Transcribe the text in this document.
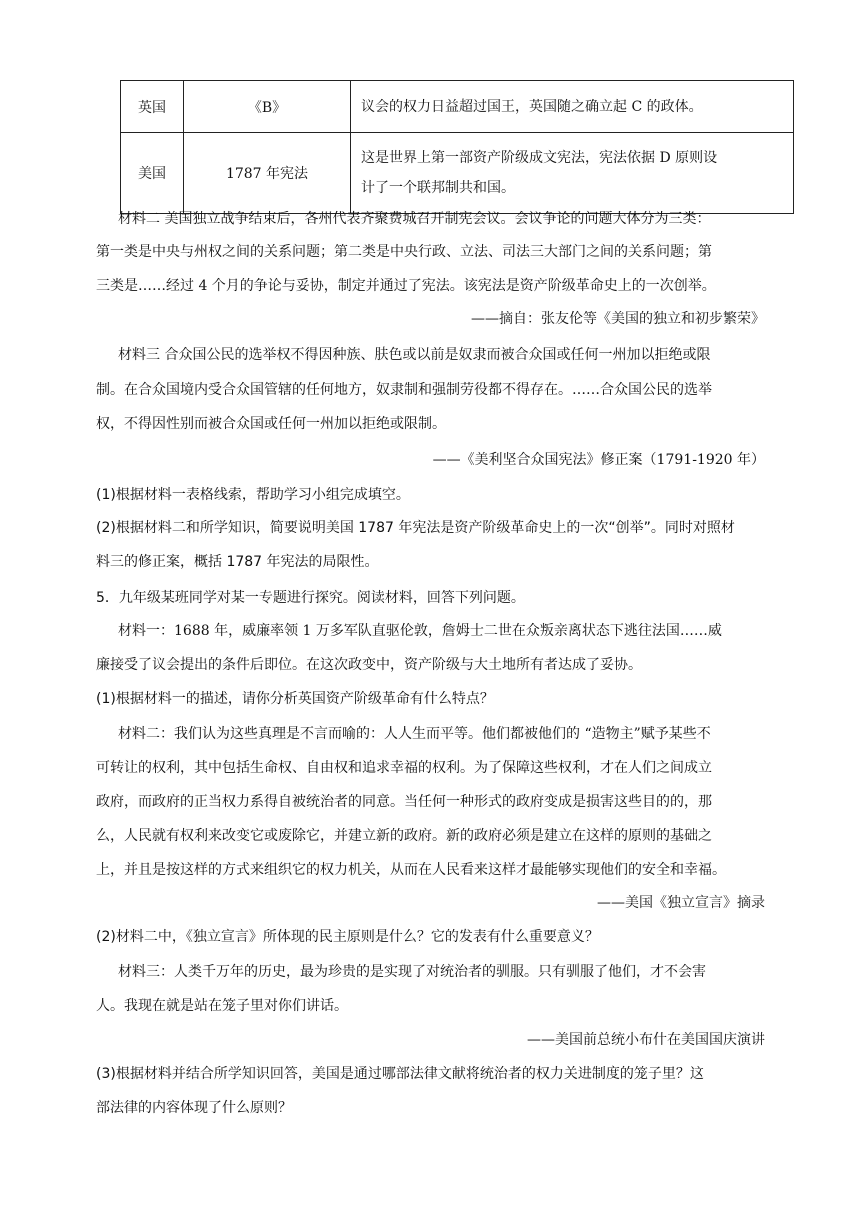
英国	《B》	议会的权力日益超过国王，英国随之确立起 C 的政体。

美国	1787 年宪法	这是世界上第一部资产阶级成文宪法，宪法依据 D 原则设
计了一个联邦制共和国。
材料二 美国独立战争结束后，各州代表齐聚费城召开制宪会议。会议争论的问题大体分为三类：
第一类是中央与州权之间的关系问题；第二类是中央行政、立法、司法三大部门之间的关系问题；第
三类是……经过 4 个月的争论与妥协，制定并通过了宪法。该宪法是资产阶级革命史上的一次创举。
——摘自：张友伦等《美国的独立和初步繁荣》
材料三 合众国公民的选举权不得因种族、肤色或以前是奴隶而被合众国或任何一州加以拒绝或限
制。在合众国境内受合众国管辖的任何地方，奴隶制和强制劳役都不得存在。……合众国公民的选举
权，不得因性别而被合众国或任何一州加以拒绝或限制。
——《美利坚合众国宪法》修正案（1791-1920 年）
(1)根据材料一表格线索，帮助学习小组完成填空。
(2)根据材料二和所学知识，简要说明美国 1787 年宪法是资产阶级革命史上的一次“创举”。同时对照材
料三的修正案，概括 1787 年宪法的局限性。
5．九年级某班同学对某一专题进行探究。阅读材料，回答下列问题。
材料一：1688 年，威廉率领 1 万多军队直驱伦敦，詹姆士二世在众叛亲离状态下逃往法国……威
廉接受了议会提出的条件后即位。在这次政变中，资产阶级与大土地所有者达成了妥协。
(1)根据材料一的描述，请你分析英国资产阶级革命有什么特点？
材料二：我们认为这些真理是不言而喻的：人人生而平等。他们都被他们的 “造物主”赋予某些不
可转让的权利，其中包括生命权、自由权和追求幸福的权利。为了保障这些权利，才在人们之间成立
政府，而政府的正当权力系得自被统治者的同意。当任何一种形式的政府变成是损害这些目的的，那
么，人民就有权利来改变它或废除它，并建立新的政府。新的政府必须是建立在这样的原则的基础之
上，并且是按这样的方式来组织它的权力机关，从而在人民看来这样才最能够实现他们的安全和幸福。
——美国《独立宣言》摘录
(2)材料二中，《独立宣言》所体现的民主原则是什么？它的发表有什么重要意义？
材料三：人类千万年的历史，最为珍贵的是实现了对统治者的驯服。只有驯服了他们，才不会害
人。我现在就是站在笼子里对你们讲话。
——美国前总统小布什在美国国庆演讲
(3)根据材料并结合所学知识回答，美国是通过哪部法律文献将统治者的权力关进制度的笼子里？这
部法律的内容体现了什么原则？
